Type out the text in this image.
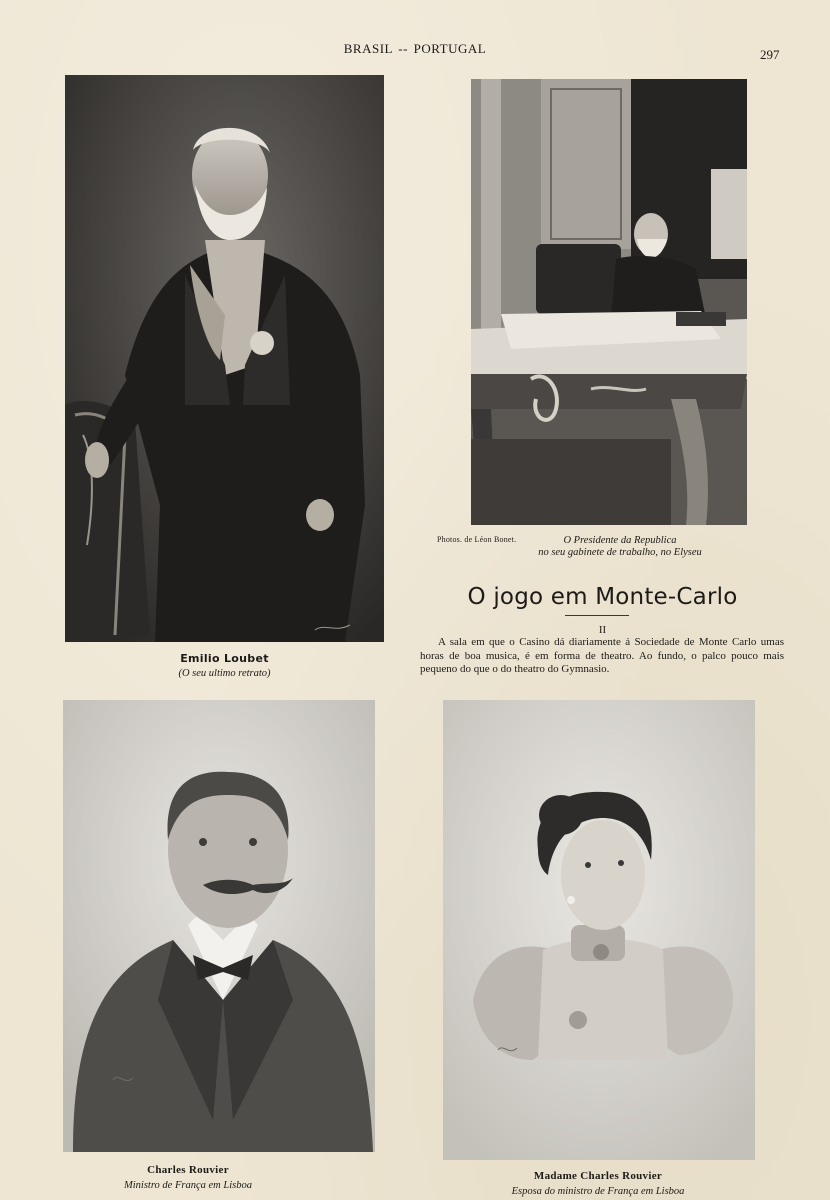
BRASIL -- PORTUGAL	297
Photos. de Léon Bonet.	O Presidente da Republica
no seu gabinete de trabalho, no Elyseu
O jogo em Monte-Carlo
II

A sala em que o Casino dá diariamente á Sociedade de Monte Carlo umas horas de boa musica, é em forma de theatro. Ao fundo, o palco pouco mais pequeno do que o do theatro do Gymnasio.

Emilio Loubet
(O seu ultimo retrato)
Charles Rouvier
Ministro de França em Lisboa
Madame Charles Rouvier
Esposa do ministro de França em Lisboa
